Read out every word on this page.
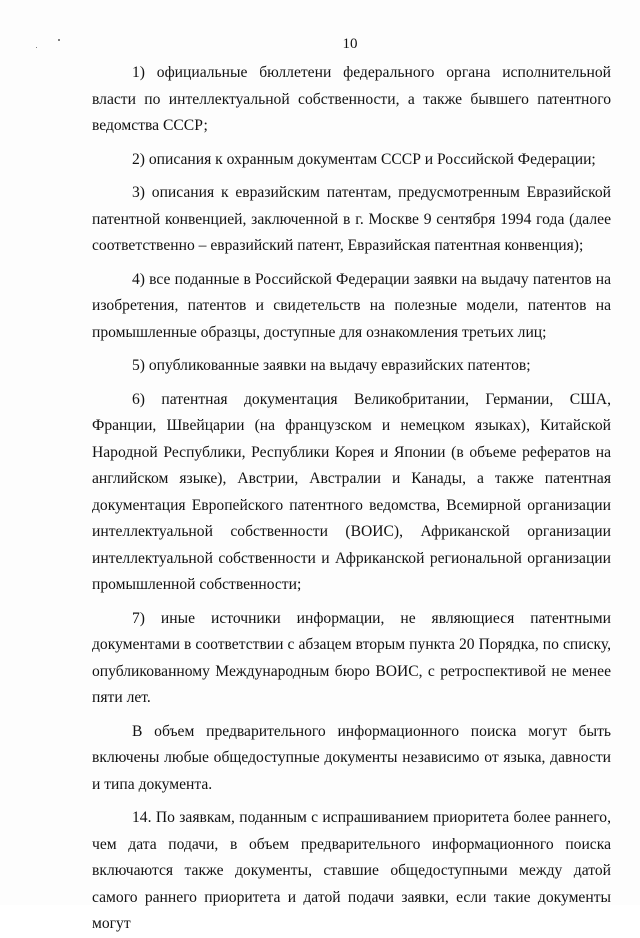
10

1) официальные бюллетени федерального органа исполнительной власти по интеллектуальной собственности, а также бывшего патентного ведомства СССР;

2) описания к охранным документам СССР и Российской Федерации;

3) описания к евразийским патентам, предусмотренным Евразийской патентной конвенцией, заключенной в г. Москве 9 сентября 1994 года (далее соответственно – евразийский патент, Евразийская патентная конвенция);

4) все поданные в Российской Федерации заявки на выдачу патентов на изобретения, патентов и свидетельств на полезные модели, патентов на промышленные образцы, доступные для ознакомления третьих лиц;

5) опубликованные заявки на выдачу евразийских патентов;

6) патентная документация Великобритании, Германии, США, Франции, Швейцарии (на французском и немецком языках), Китайской Народной Республики, Республики Корея и Японии (в объеме рефератов на английском языке), Австрии, Австралии и Канады, а также патентная документация Европейского патентного ведомства, Всемирной организации интеллектуальной собственности (ВОИС), Африканской организации интеллектуальной собственности и Африканской региональной организации промышленной собственности;

7) иные источники информации, не являющиеся патентными документами в соответствии с абзацем вторым пункта 20 Порядка, по списку, опубликованному Международным бюро ВОИС, с ретроспективой не менее пяти лет.

В объем предварительного информационного поиска могут быть включены любые общедоступные документы независимо от языка, давности и типа документа.

14. По заявкам, поданным с испрашиванием приоритета более раннего, чем дата подачи, в объем предварительного информационного поиска включаются также документы, ставшие общедоступными между датой самого раннего приоритета и датой подачи заявки, если такие документы могут
